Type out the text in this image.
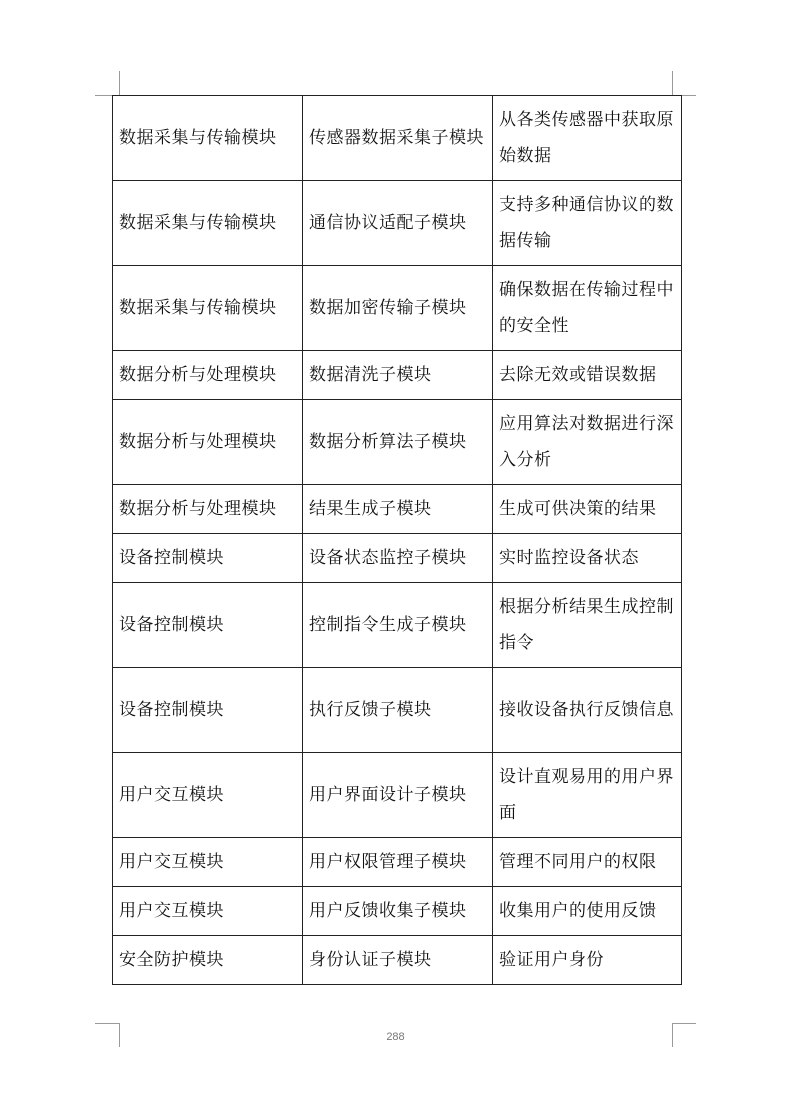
数据采集与传输模块	传感器数据采集子模块	从各类传感器中获取原始数据
数据采集与传输模块	通信协议适配子模块	支持多种通信协议的数据传输
数据采集与传输模块	数据加密传输子模块	确保数据在传输过程中的安全性
数据分析与处理模块	数据清洗子模块	去除无效或错误数据
数据分析与处理模块	数据分析算法子模块	应用算法对数据进行深入分析
数据分析与处理模块	结果生成子模块	生成可供决策的结果
设备控制模块	设备状态监控子模块	实时监控设备状态
设备控制模块	控制指令生成子模块	根据分析结果生成控制指令
设备控制模块	执行反馈子模块	接收设备执行反馈信息
用户交互模块	用户界面设计子模块	设计直观易用的用户界面
用户交互模块	用户权限管理子模块	管理不同用户的权限
用户交互模块	用户反馈收集子模块	收集用户的使用反馈
安全防护模块	身份认证子模块	验证用户身份
288
